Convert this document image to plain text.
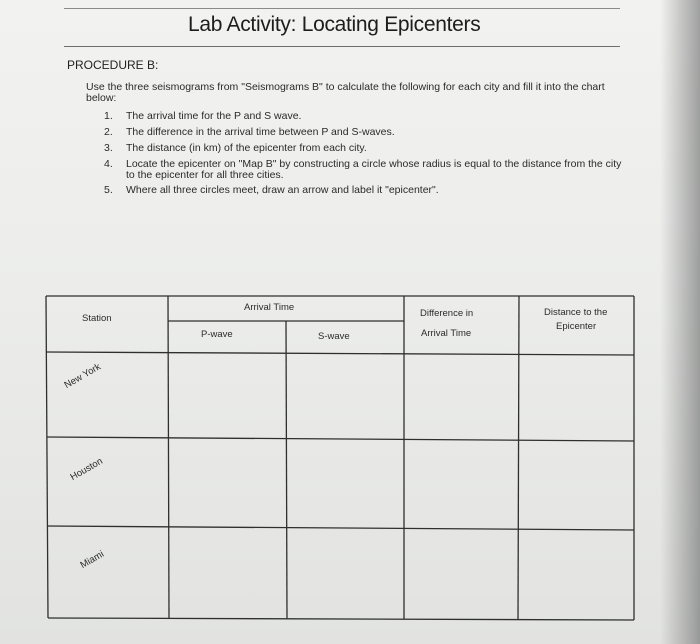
Lab Activity: Locating Epicenters
PROCEDURE B:
Use the three seismograms from "Seismograms B" to calculate the following for each city and fill it into the chart below:
1. The arrival time for the P and S wave.
2. The difference in the arrival time between P and S-waves.
3. The distance (in km) of the epicenter from each city.
4. Locate the epicenter on "Map B" by constructing a circle whose radius is equal to the distance from the city to the epicenter for all three cities.
5. Where all three circles meet, draw an arrow and label it "epicenter".
Station
Arrival Time
P-wave	S-wave
Difference in
Arrival Time
Distance to the
Epicenter
New York
Houston
Miami
